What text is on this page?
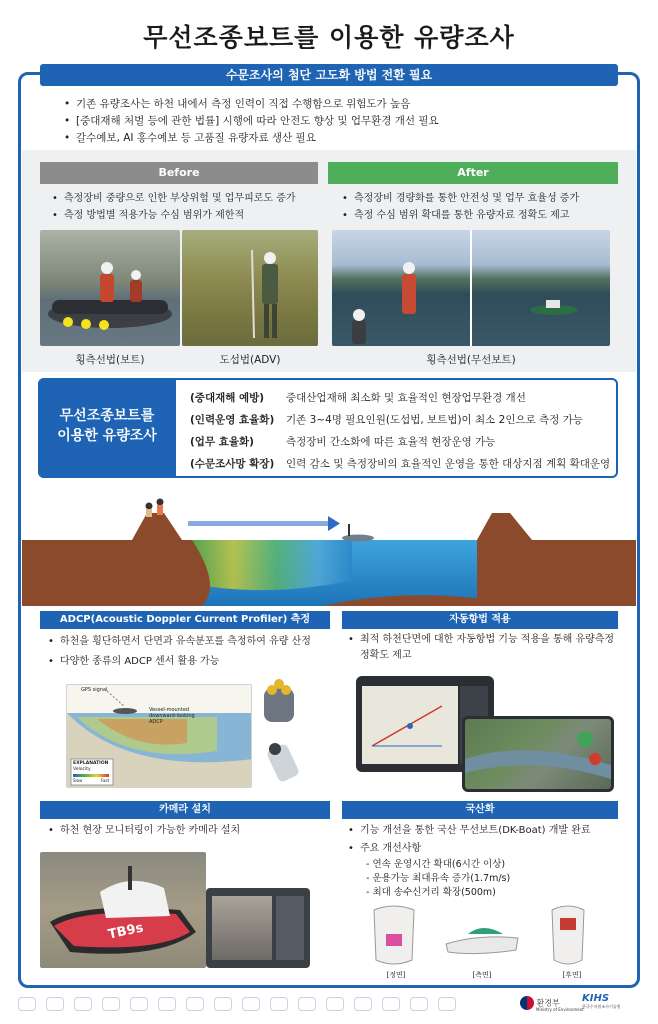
무선조종보트를 이용한 유량조사
수문조사의 첨단 고도화 방법 전환 필요
• 기존 유량조사는 하천 내에서 측정 인력이 직접 수행함으로 위험도가 높음
• [중대재해 처벌 등에 관한 법률] 시행에 따라 안전도 향상 및 업무환경 개선 필요
• 갈수예보, AI 홍수예보 등 고품질 유량자료 생산 필요
Before	After
• 측정장비 중량으로 인한 부상위험 및 업무피로도 증가
• 측정 방법별 적용가능 수심 범위가 제한적
• 측정장비 경량화를 통한 안전성 및 업무 효율성 증가
• 측정 수심 범위 확대를 통한 유량자료 정확도 제고
횡측선법(보트)	도섭법(ADV)	횡측선법(무선보트)
무선조종보트를
이용한 유량조사
(중대재해 예방) 중대산업재해 최소화 및 효율적인 현장업무환경 개선
(인력운영 효율화) 기존 3~4명 필요인원(도섭법, 보트법)이 최소 2인으로 측정 가능
(업무 효율화)	측정장비 간소화에 따른 효율적 현장운영 가능
(수문조사망 확장) 인력 감소 및 측정장비의 효율적인 운영을 통한 대상지점 계획 확대운영
ADCP(Acoustic Doppler Current Profiler) 측정
• 하천을 횡단하면서 단면과 유속분포를 측정하여 유량 산정
• 다양한 종류의 ADCP 센서 활용 가능
GPS signal
Vessel-mounted downward-looking ADCP
EXPLANATION
Velocity
Slow	Fast
자동항법 적용
• 최적 하천단면에 대한 자동항법 기능 적용을 통해 유량측정 정확도 제고
카메라 설치
• 하천 현장 모니터링이 가능한 카메라 설치
TB9s
국산화
• 기능 개선을 통한 국산 무선보트(DK-Boat) 개발 완료
• 주요 개선사항
- 연속 운영시간 확대(6시간 이상)
- 운용가능 최대유속 증가(1.7m/s)
- 최대 송수신거리 확장(500m)
[정면]	[측면]	[후면]
환경부
Ministry of Environment
KIHS
한국수자원조사기술원
